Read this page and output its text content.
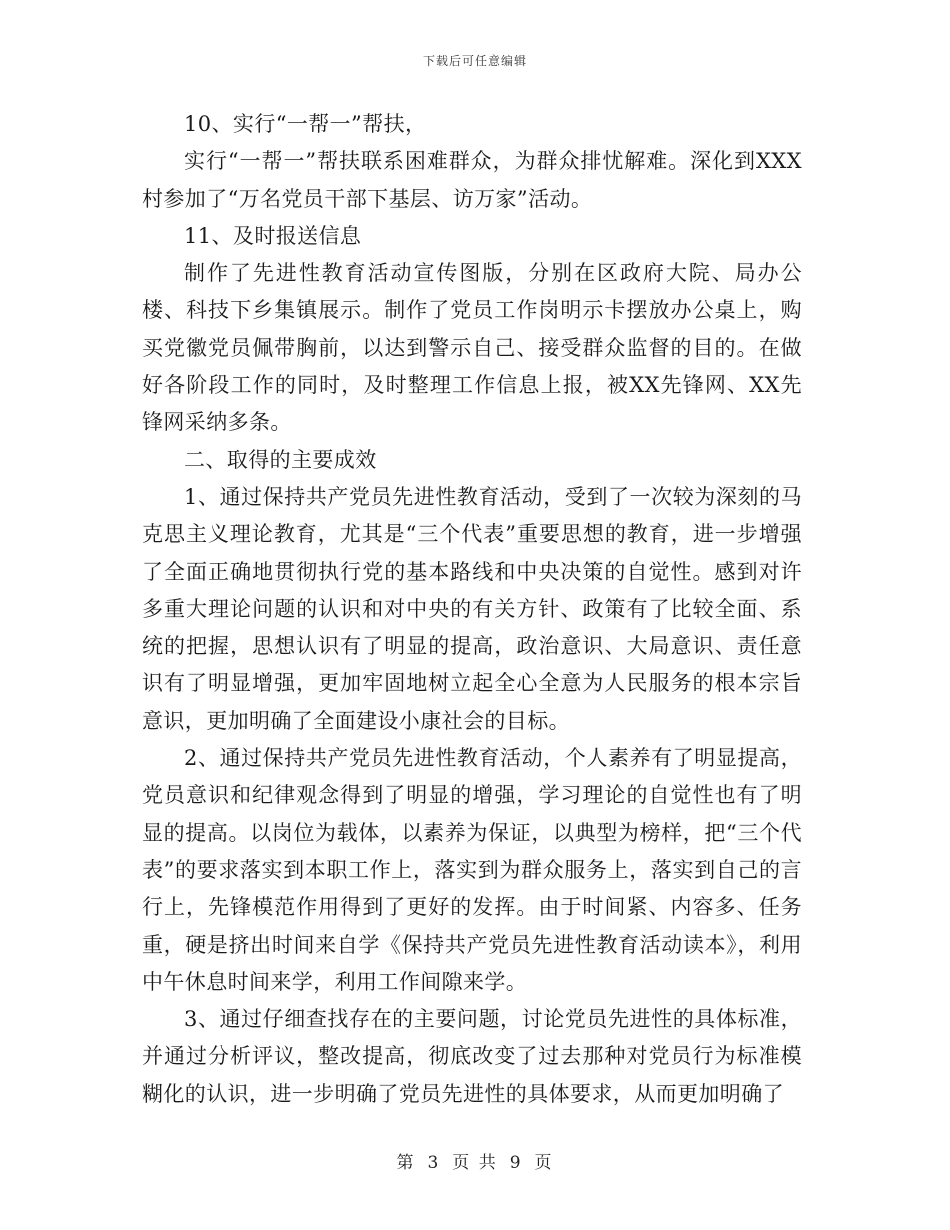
下载后可任意编辑

10、实行“一帮一”帮扶，

实行“一帮一”帮扶联系困难群众，为群众排忧解难。深化到XXX村参加了“万名党员干部下基层、访万家”活动。

11、及时报送信息

制作了先进性教育活动宣传图版，分别在区政府大院、局办公楼、科技下乡集镇展示。制作了党员工作岗明示卡摆放办公桌上，购买党徽党员佩带胸前，以达到警示自己、接受群众监督的目的。在做好各阶段工作的同时，及时整理工作信息上报，被XX先锋网、XX先锋网采纳多条。

二、取得的主要成效

1、通过保持共产党员先进性教育活动，受到了一次较为深刻的马克思主义理论教育，尤其是“三个代表”重要思想的教育，进一步增强了全面正确地贯彻执行党的基本路线和中央决策的自觉性。感到对许多重大理论问题的认识和对中央的有关方针、政策有了比较全面、系统的把握，思想认识有了明显的提高，政治意识、大局意识、责任意识有了明显增强，更加牢固地树立起全心全意为人民服务的根本宗旨意识，更加明确了全面建设小康社会的目标。

2、通过保持共产党员先进性教育活动，个人素养有了明显提高，党员意识和纪律观念得到了明显的增强，学习理论的自觉性也有了明显的提高。以岗位为载体，以素养为保证，以典型为榜样，把“三个代表”的要求落实到本职工作上，落实到为群众服务上，落实到自己的言行上，先锋模范作用得到了更好的发挥。由于时间紧、内容多、任务重，硬是挤出时间来自学《保持共产党员先进性教育活动读本》，利用中午休息时间来学，利用工作间隙来学。

3、通过仔细查找存在的主要问题，讨论党员先进性的具体标准，并通过分析评议，整改提高，彻底改变了过去那种对党员行为标准模糊化的认识，进一步明确了党员先进性的具体要求，从而更加明确了

第 3 页 共 9 页
